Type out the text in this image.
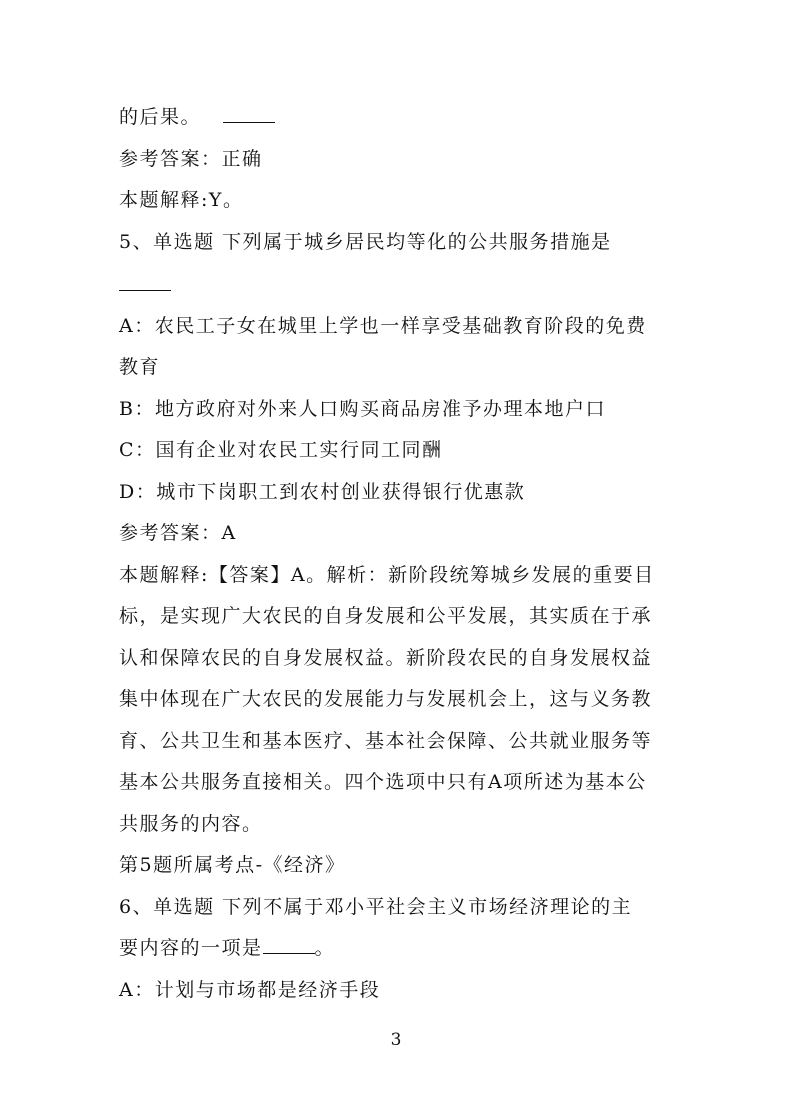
的后果。
参考答案：正确
本题解释:Y。
5、单选题 下列属于城乡居民均等化的公共服务措施是
A：农民工子女在城里上学也一样享受基础教育阶段的免费
教育
B：地方政府对外来人口购买商品房准予办理本地户口
C：国有企业对农民工实行同工同酬
D：城市下岗职工到农村创业获得银行优惠款
参考答案：A
本题解释:【答案】A。解析：新阶段统筹城乡发展的重要目
标，是实现广大农民的自身发展和公平发展，其实质在于承
认和保障农民的自身发展权益。新阶段农民的自身发展权益
集中体现在广大农民的发展能力与发展机会上，这与义务教
育、公共卫生和基本医疗、基本社会保障、公共就业服务等
基本公共服务直接相关。四个选项中只有A项所述为基本公
共服务的内容。
第5题所属考点-《经济》
6、单选题 下列不属于邓小平社会主义市场经济理论的主
要内容的一项是	。
A：计划与市场都是经济手段
3
